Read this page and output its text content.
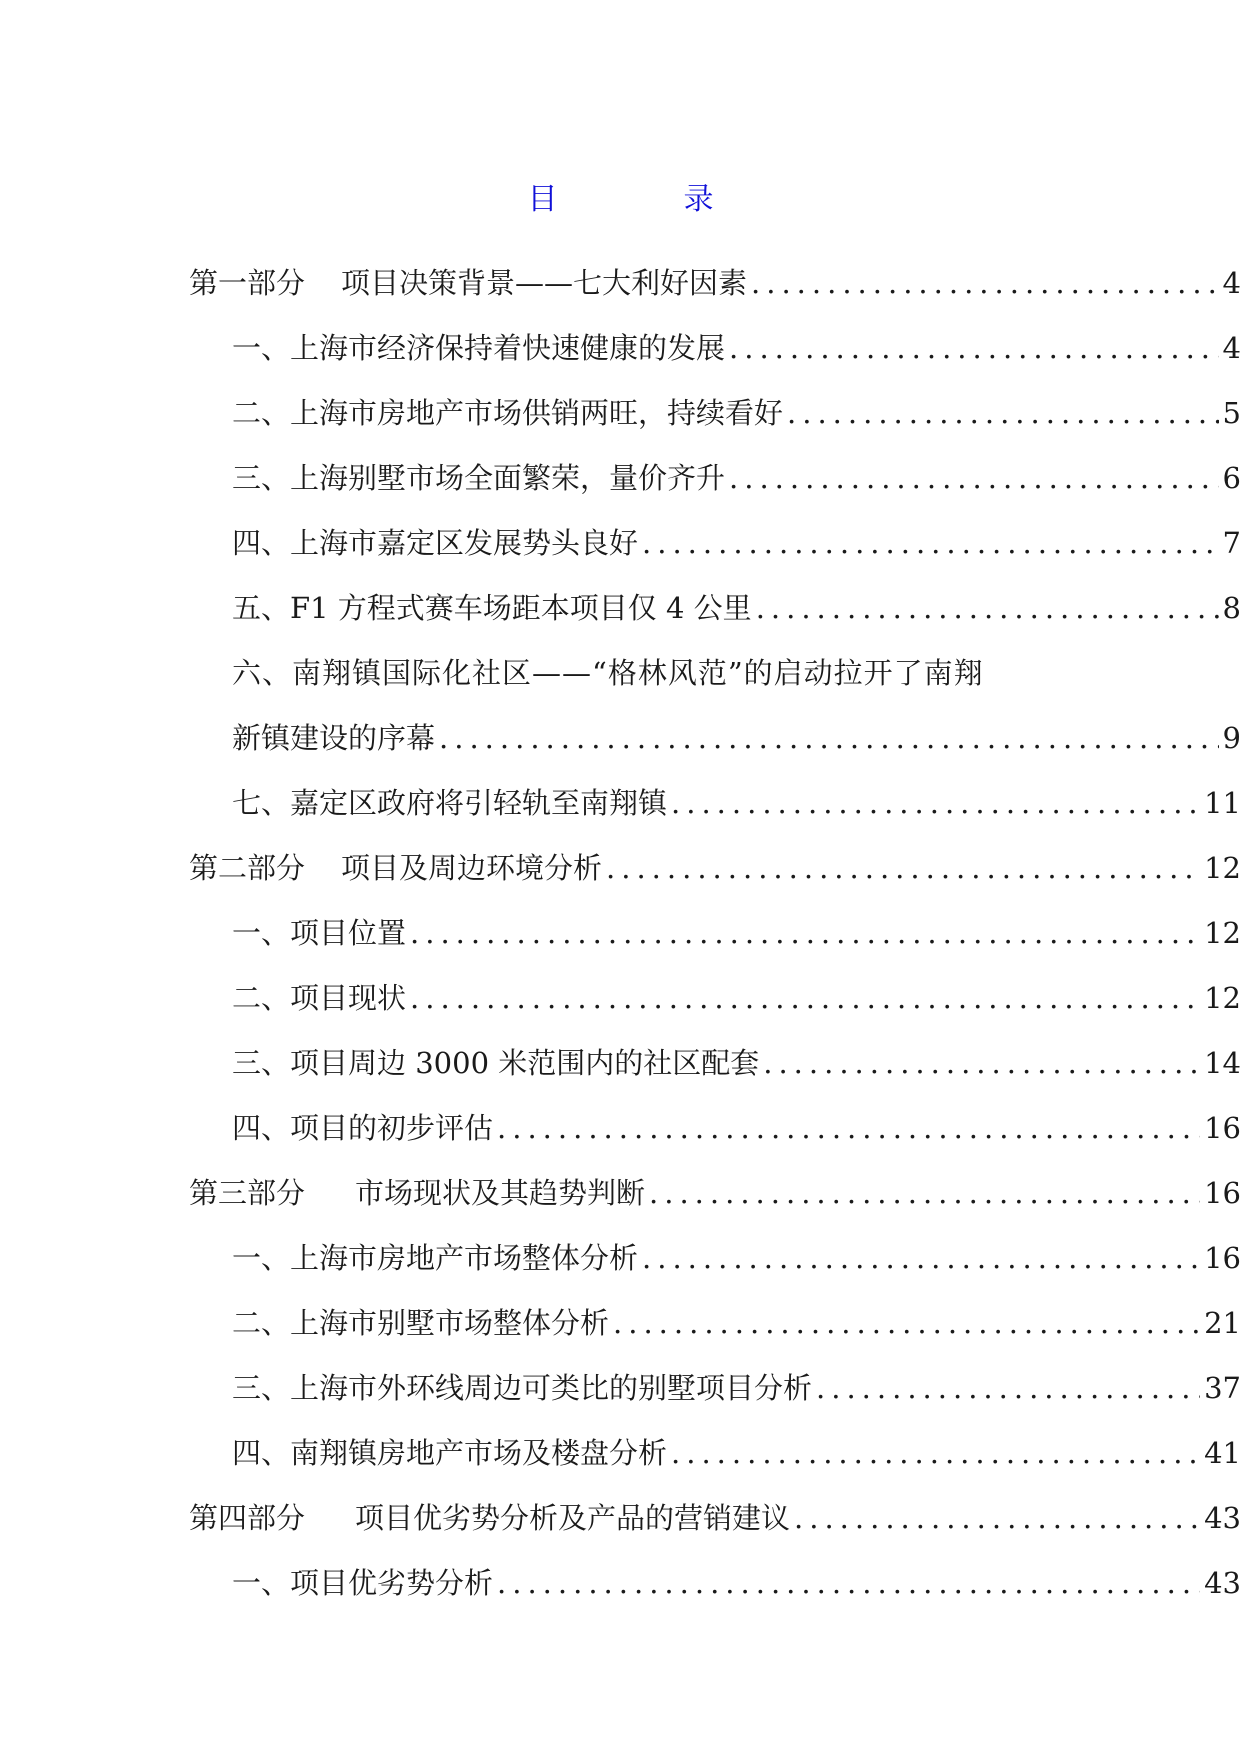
目　录
第一部分 项目决策背景——七大利好因素 .....	4
一、上海市经济保持着快速健康的发展 .....	4
二、上海市房地产市场供销两旺，持续看好 .....	5
三、上海别墅市场全面繁荣，量价齐升 .....	6
四、上海市嘉定区发展势头良好 .....	7
五、F1 方程式赛车场距本项目仅 4 公里 .....	8
六、南翔镇国际化社区——“格林风范”的启动拉开了南翔
新镇建设的序幕 .....	9
七、嘉定区政府将引轻轨至南翔镇 .....	11
第二部分 项目及周边环境分析 .....	12
一、项目位置 .....	12
二、项目现状 .....	12
三、项目周边 3000 米范围内的社区配套 .....	14
四、项目的初步评估 .....	16
第三部分 市场现状及其趋势判断 .....	16
一、上海市房地产市场整体分析 .....	16
二、上海市别墅市场整体分析 .....	21
三、上海市外环线周边可类比的别墅项目分析 .....	37
四、南翔镇房地产市场及楼盘分析 .....	41
第四部分 项目优劣势分析及产品的营销建议 .....	43
一、项目优劣势分析 .....	43
